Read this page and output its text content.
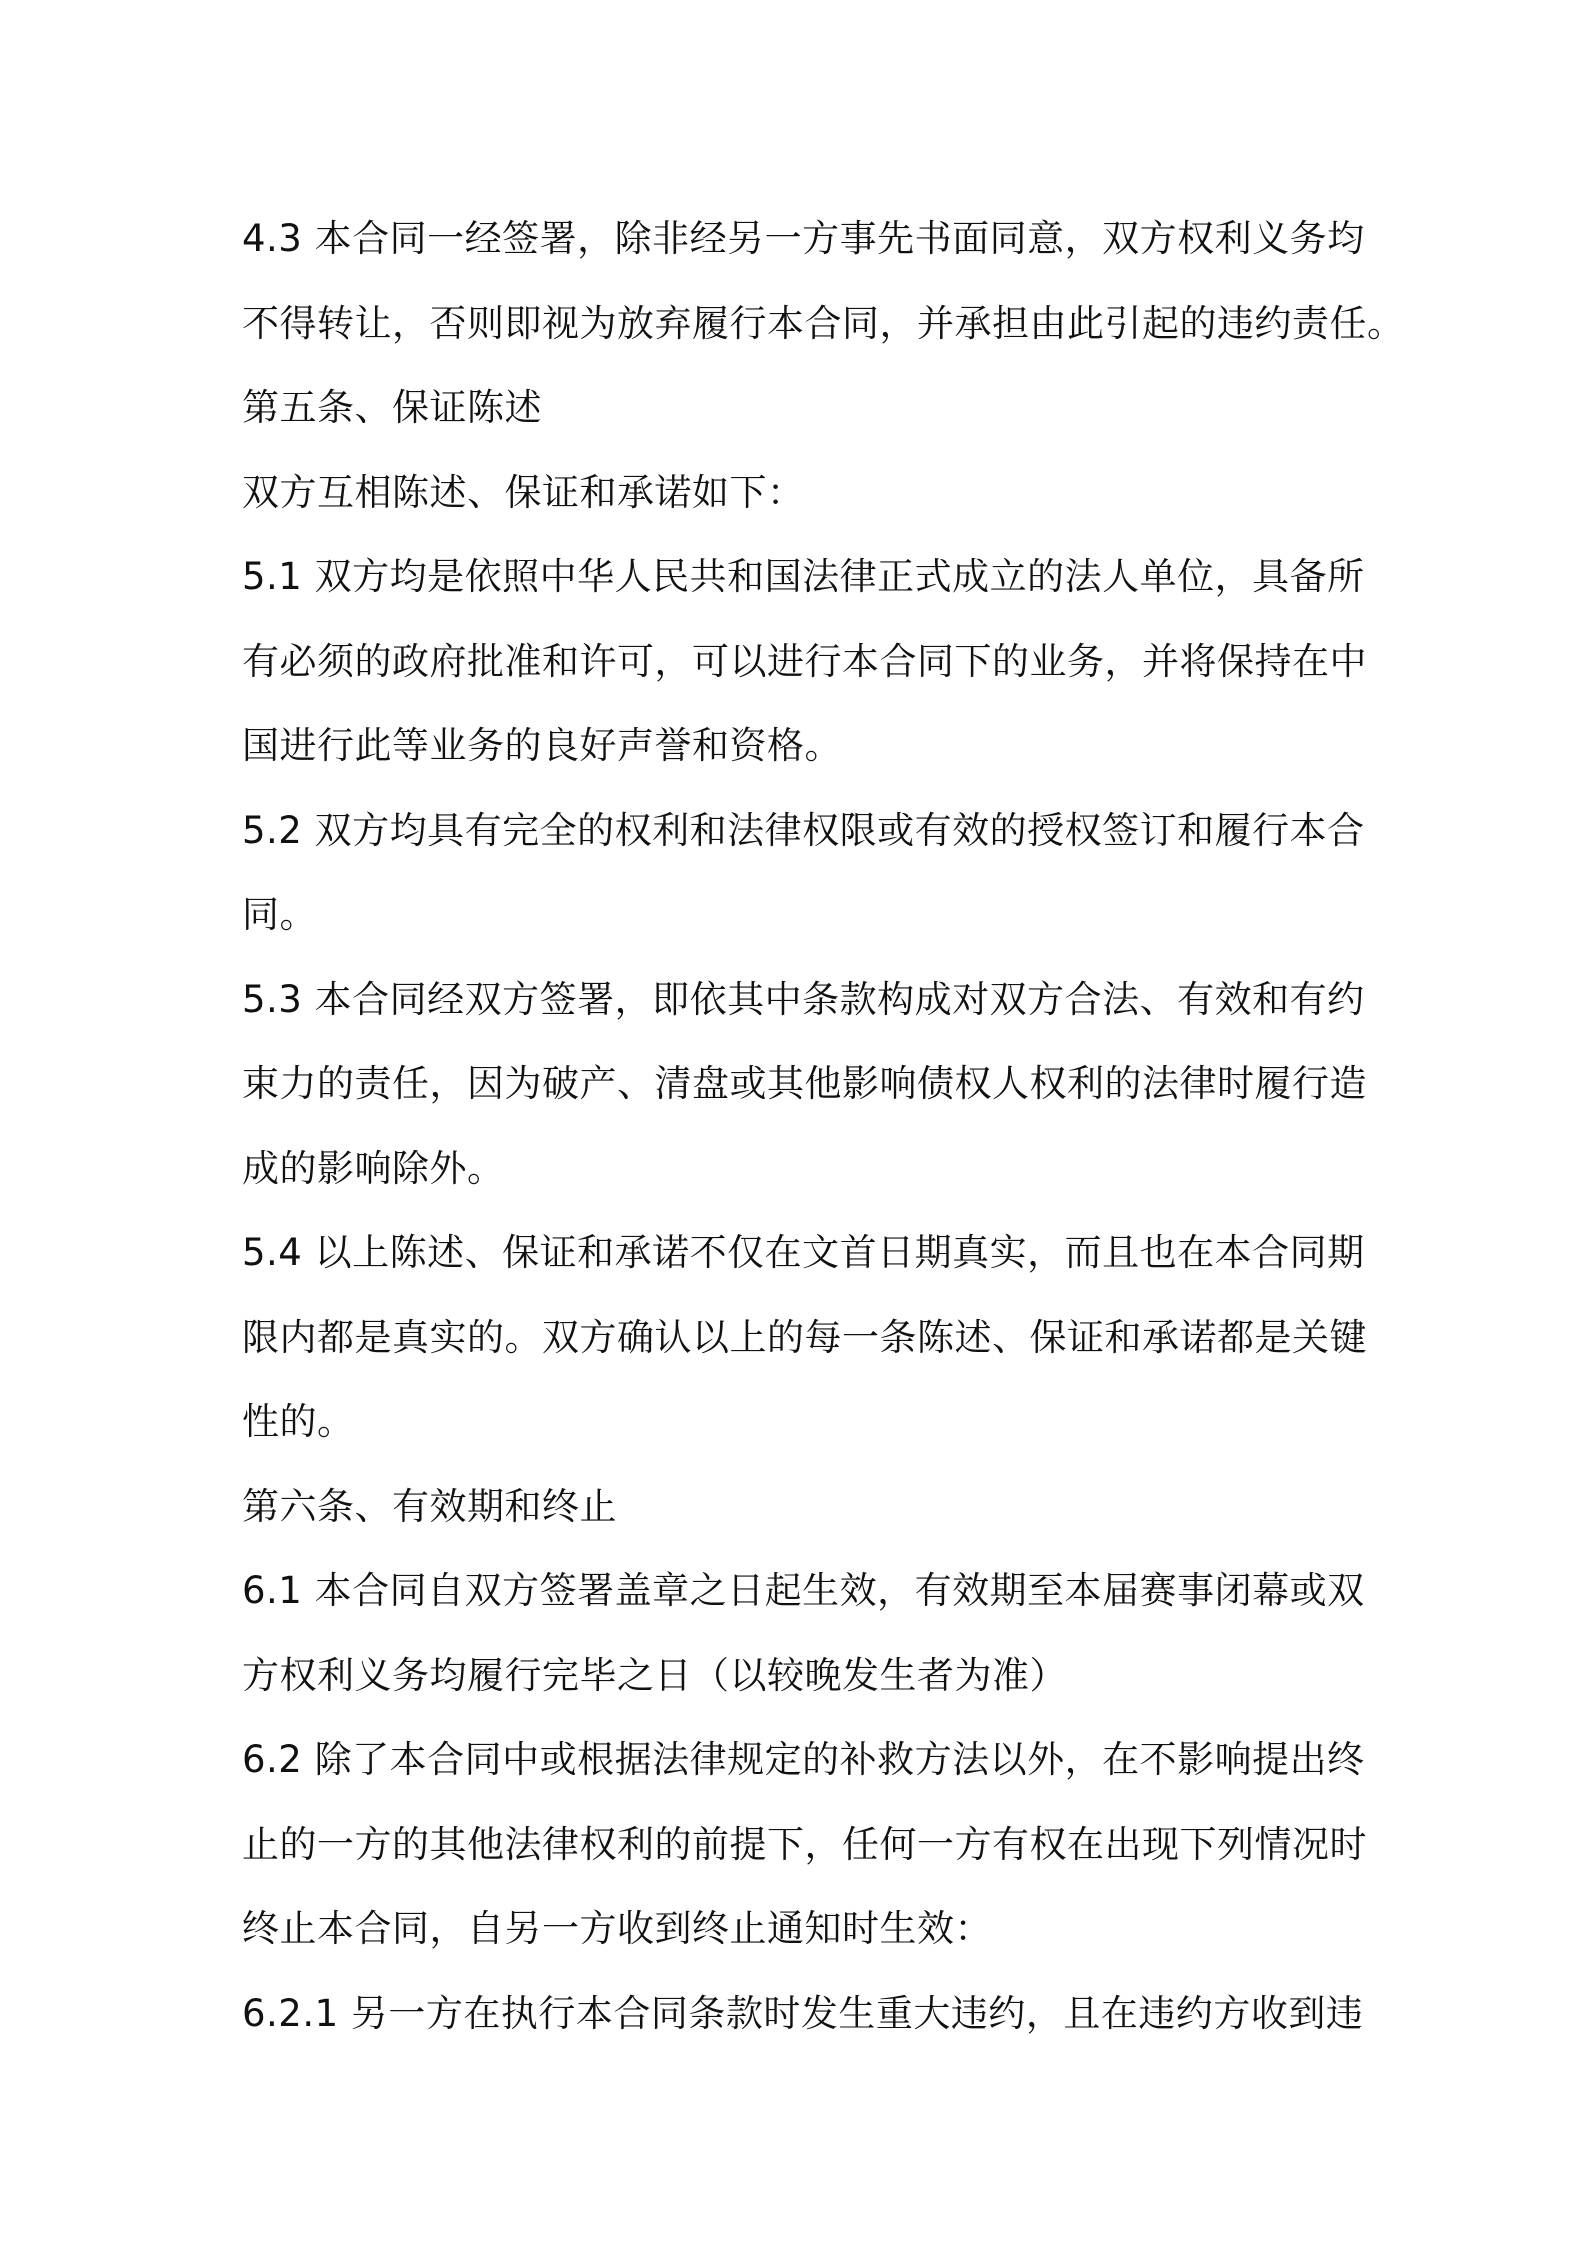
4.3 本合同一经签署，除非经另一方事先书面同意，双方权利义务均
不得转让，否则即视为放弃履行本合同，并承担由此引起的违约责任。
第五条、保证陈述
双方互相陈述、保证和承诺如下：
5.1 双方均是依照中华人民共和国法律正式成立的法人单位，具备所
有必须的政府批准和许可，可以进行本合同下的业务，并将保持在中
国进行此等业务的良好声誉和资格。
5.2 双方均具有完全的权利和法律权限或有效的授权签订和履行本合
同。
5.3 本合同经双方签署，即依其中条款构成对双方合法、有效和有约
束力的责任，因为破产、清盘或其他影响债权人权利的法律时履行造
成的影响除外。
5.4 以上陈述、保证和承诺不仅在文首日期真实，而且也在本合同期
限内都是真实的。双方确认以上的每一条陈述、保证和承诺都是关键
性的。
第六条、有效期和终止
6.1 本合同自双方签署盖章之日起生效，有效期至本届赛事闭幕或双
方权利义务均履行完毕之日（以较晚发生者为准）
6.2 除了本合同中或根据法律规定的补救方法以外，在不影响提出终
止的一方的其他法律权利的前提下，任何一方有权在出现下列情况时
终止本合同，自另一方收到终止通知时生效：
6.2.1 另一方在执行本合同条款时发生重大违约，且在违约方收到违
